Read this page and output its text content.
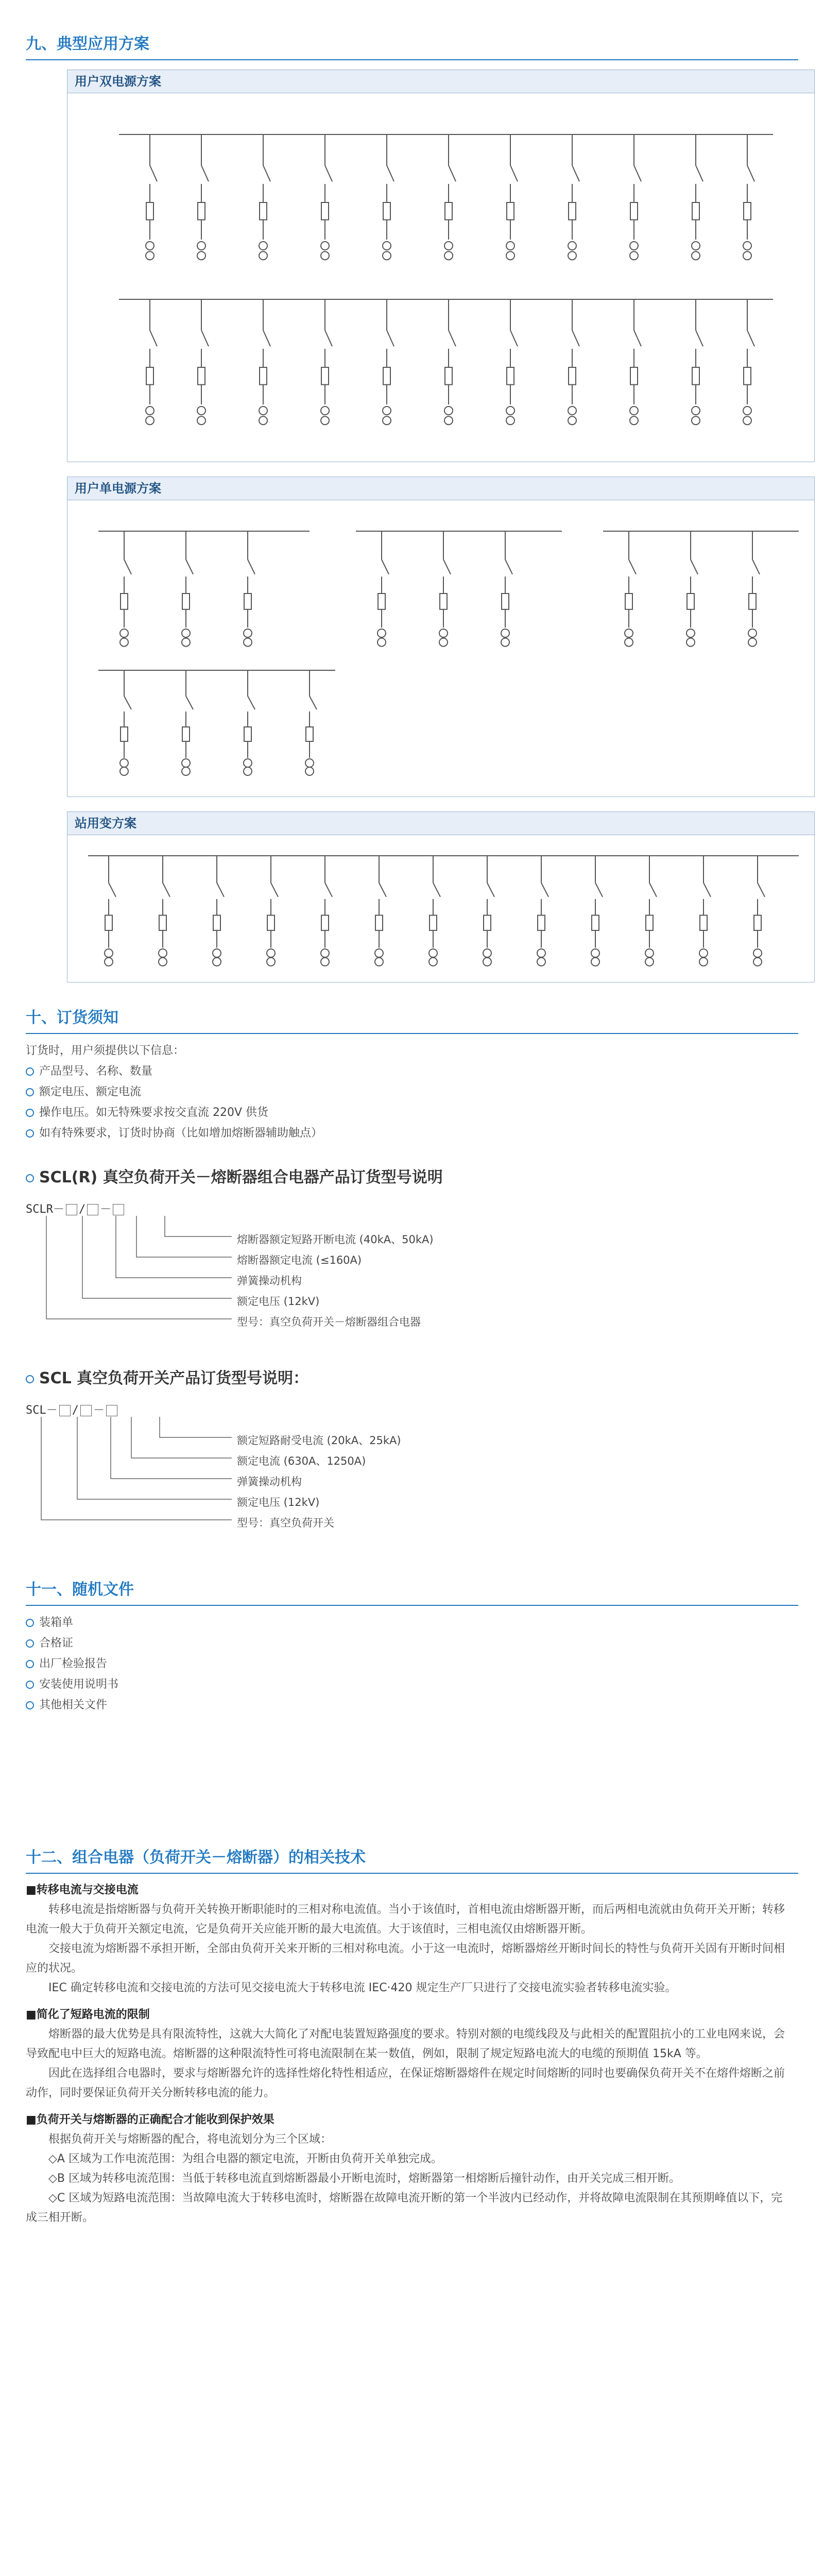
九、典型应用方案
用户双电源方案
用户单电源方案
站用变方案
十、订货须知
订货时，用户须提供以下信息：
产品型号、名称、数量
额定电压、额定电流
操作电压。如无特殊要求按交直流 220V 供货
如有特殊要求，订货时协商（比如增加熔断器辅助触点）
SCL(R) 真空负荷开关－熔断器组合电器产品订货型号说明
SCLR－ / －
熔断器额定短路开断电流 (40kA、50kA)
熔断器额定电流 (≤160A)
弹簧操动机构
额定电压 (12kV)
型号：真空负荷开关－熔断器组合电器
SCL 真空负荷开关产品订货型号说明：
SCL－ / －
额定短路耐受电流 (20kA、25kA)
额定电流 (630A、1250A)
弹簧操动机构
额定电压 (12kV)
型号：真空负荷开关
十一、随机文件
装箱单
合格证
出厂检验报告
安装使用说明书
其他相关文件
十二、组合电器（负荷开关－熔断器）的相关技术

■转移电流与交接电流

转移电流是指熔断器与负荷开关转换开断职能时的三相对称电流值。当小于该值时，首相电流由熔断器开断，而后两相电流就由负荷开关开断；转移电流一般大于负荷开关额定电流，它是负荷开关应能开断的最大电流值。大于该值时，三相电流仅由熔断器开断。

交接电流为熔断器不承担开断，全部由负荷开关来开断的三相对称电流。小于这一电流时，熔断器熔丝开断时间长的特性与负荷开关固有开断时间相应的状况。

IEC 确定转移电流和交接电流的方法可见交接电流大于转移电流 IEC·420 规定生产厂只进行了交接电流实验者转移电流实验。

■简化了短路电流的限制

熔断器的最大优势是具有限流特性，这就大大简化了对配电装置短路强度的要求。特别对额的电缆线段及与此相关的配置阻抗小的工业电网来说，会导致配电中巨大的短路电流。熔断器的这种限流特性可将电流限制在某一数值，例如，限制了规定短路电流大的电缆的预期值 15kA 等。

因此在选择组合电器时，要求与熔断器允许的选择性熔化特性相适应，在保证熔断器熔件在规定时间熔断的同时也要确保负荷开关不在熔件熔断之前动作，同时要保证负荷开关分断转移电流的能力。

■负荷开关与熔断器的正确配合才能收到保护效果

根据负荷开关与熔断器的配合，将电流划分为三个区域：

◇A 区域为工作电流范围：为组合电器的额定电流，开断由负荷开关单独完成。

◇B 区域为转移电流范围：当低于转移电流直到熔断器最小开断电流时，熔断器第一相熔断后撞针动作，由开关完成三相开断。

◇C 区域为短路电流范围：当故障电流大于转移电流时，熔断器在故障电流开断的第一个半波内已经动作，并将故障电流限制在其预期峰值以下，完成三相开断。
